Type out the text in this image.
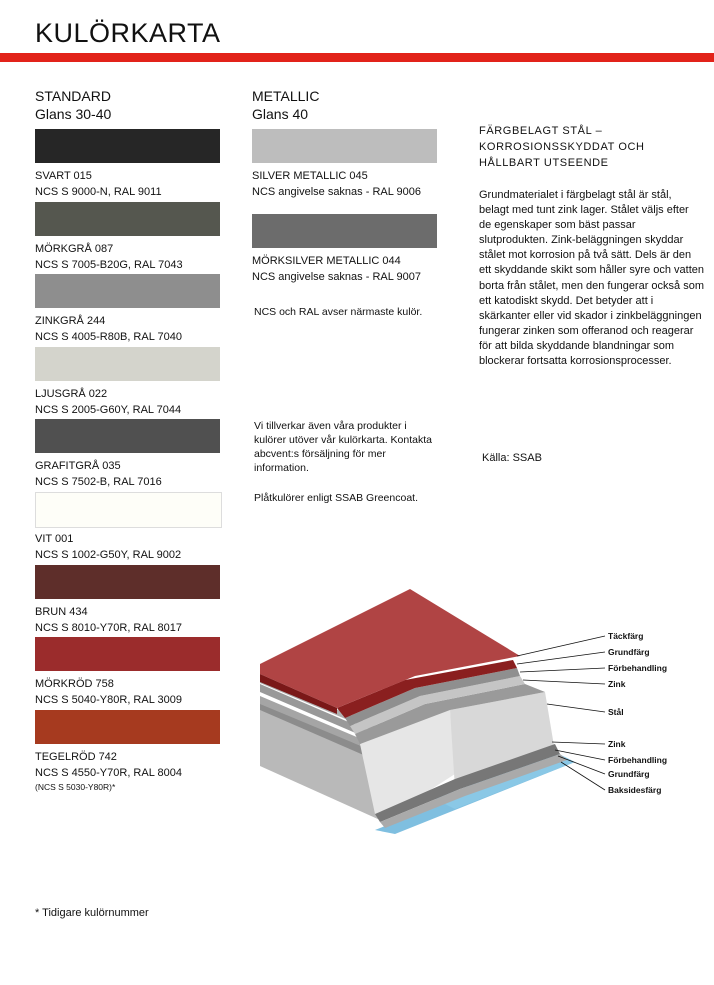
KULÖRKARTA
STANDARD
Glans 30-40
SVART 015
NCS S 9000-N, RAL 9011
MÖRKGRÅ 087
NCS S 7005-B20G, RAL 7043
ZINKGRÅ 244
NCS S 4005-R80B, RAL 7040
LJUSGRÅ 022
NCS S 2005-G60Y, RAL 7044
GRAFITGRÅ 035
NCS S 7502-B, RAL 7016
VIT 001
NCS S 1002-G50Y, RAL 9002
BRUN 434
NCS S 8010-Y70R, RAL 8017
MÖRKRÖD 758
NCS S 5040-Y80R, RAL 3009
TEGELRÖD 742
NCS S 4550-Y70R, RAL 8004
(NCS S 5030-Y80R)*
METALLIC
Glans 40
SILVER METALLIC 045
NCS angivelse saknas - RAL 9006
MÖRKSILVER METALLIC 044
NCS angivelse saknas - RAL 9007
NCS och RAL avser närmaste kulör.
Vi tillverkar även våra produkter i kulörer utöver vår kulörkarta. Kontakta abcvent:s försäljning för mer information.
Plåtkulörer enligt SSAB Greencoat.
FÄRGBELAGT STÅL – KORROSIONSSKYDDAT OCH HÅLLBART UTSEENDE
Grundmaterialet i färgbelagt stål är stål, belagt med tunt zink lager. Stålet väljs efter de egenskaper som bäst passar slutprodukten. Zink-beläggningen skyddar stålet mot korrosion på två sätt. Dels är den ett skyddande skikt som håller syre och vatten borta från stålet, men den fungerar också som ett katodiskt skydd. Det betyder att i skärkanter eller vid skador i zinkbeläggningen fungerar zinken som offeranod och reagerar för att bilda skyddande blandningar som blockerar fortsatta korrosionsprocesser.
Källa: SSAB
Täckfärg
Grundfärg
Förbehandling
Zink
Stål
Zink
Förbehandling
Grundfärg
Baksidesfärg
* Tidigare kulörnummer
